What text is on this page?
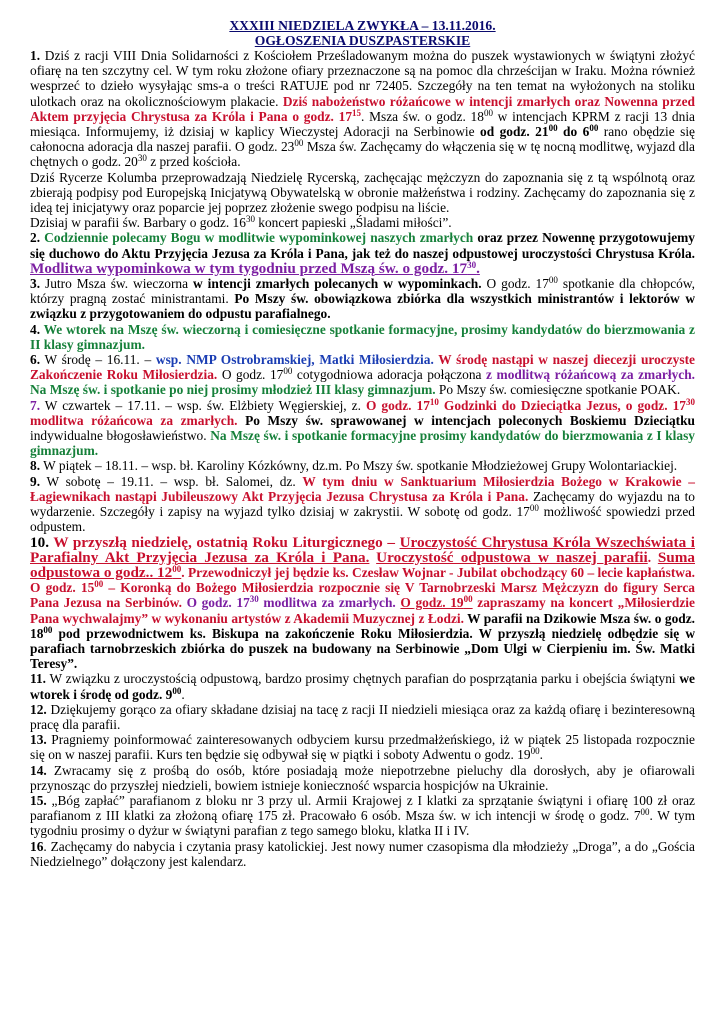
XXXIII NIEDZIELA ZWYKŁA – 13.11.2016.
OGŁOSZENIA DUSZPASTERSKIE

1. Dziś z racji VIII Dnia Solidarności z Kościołem Prześladowanym można do puszek wystawionych w świątyni złożyć ofiarę na ten szczytny cel. W tym roku złożone ofiary przeznaczone są na pomoc dla chrześcijan w Iraku. Można również wesprzeć to dzieło wysyłając sms-a o treści RATUJE pod nr 72405. Szczegóły na ten temat na wyłożonych na stoliku ulotkach oraz na okolicznościowym plakacie. Dziś nabożeństwo różańcowe w intencji zmarłych oraz Nowenna przed Aktem przyjęcia Chrystusa za Króla i Pana o godz. $17^{15}$. Msza św. o godz. $18^{00}$ w intencjach KPRM z racji 13 dnia miesiąca. Informujemy, iż dzisiaj w kaplicy Wieczystej Adoracji na Serbinowie od godz. $21^{00}$ do $6^{00}$ rano obędzie się całonocna adoracja dla naszej parafii. O godz. $23^{00}$ Msza św. Zachęcamy do włączenia się w tę nocną modlitwę, wyjazd dla chętnych o godz. $20^{30}$ z przed kościoła.

Dziś Rycerze Kolumba przeprowadzają Niedzielę Rycerską, zachęcając mężczyzn do zapoznania się z tą wspólnotą oraz zbierają podpisy pod Europejską Inicjatywą Obywatelską w obronie małżeństwa i rodziny. Zachęcamy do zapoznania się z ideą tej inicjatywy oraz poparcie jej poprzez złożenie swego podpisu na liście.

Dzisiaj w parafii św. Barbary o godz. $16^{30}$ koncert papieski „Śladami miłości”.

2. Codziennie polecamy Bogu w modlitwie wypominkowej naszych zmarłych oraz przez Nowennę przygotowujemy się duchowo do Aktu Przyjęcia Jezusa za Króla i Pana, jak też do naszej odpustowej uroczystości Chrystusa Króla. Modlitwa wypominkowa w tym tygodniu przed Mszą św. o godz. $17^{30}$.

3. Jutro Msza św. wieczorna w intencji zmarłych polecanych w wypominkach. O godz. $17^{00}$ spotkanie dla chłopców, którzy pragną zostać ministrantami. Po Mszy św. obowiązkowa zbiórka dla wszystkich ministrantów i lektorów w związku z przygotowaniem do odpustu parafialnego.

4. We wtorek na Mszę św. wieczorną i comiesięczne spotkanie formacyjne, prosimy kandydatów do bierzmowania z II klasy gimnazjum.

6. W środę – 16.11. – wsp. NMP Ostrobramskiej, Matki Miłosierdzia. W środę nastąpi w naszej diecezji uroczyste Zakończenie Roku Miłosierdzia. O godz. $17^{00}$ cotygodniowa adoracja połączona z modlitwą różańcową za zmarłych. Na Mszę św. i spotkanie po niej prosimy młodzież III klasy gimnazjum. Po Mszy św. comiesięczne spotkanie POAK.

7. W czwartek – 17.11. – wsp. św. Elżbiety Węgierskiej, z. O godz. $17^{10}$ Godzinki do Dzieciątka Jezus, o godz. $17^{30}$ modlitwa różańcowa za zmarłych. Po Mszy św. sprawowanej w intencjach poleconych Boskiemu Dzieciątku indywidualne błogosławieństwo. Na Mszę św. i spotkanie formacyjne prosimy kandydatów do bierzmowania z I klasy gimnazjum.

8. W piątek – 18.11. – wsp. bł. Karoliny Kózkówny, dz.m. Po Mszy św. spotkanie Młodzieżowej Grupy Wolontariackiej.

9. W sobotę – 19.11. – wsp. bł. Salomei, dz. W tym dniu w Sanktuarium Miłosierdzia Bożego w Krakowie – Łagiewnikach nastąpi Jubileuszowy Akt Przyjęcia Jezusa Chrystusa za Króla i Pana. Zachęcamy do wyjazdu na to wydarzenie. Szczegóły i zapisy na wyjazd tylko dzisiaj w zakrystii. W sobotę od godz. $17^{00}$ możliwość spowiedzi przed odpustem.

10. W przyszłą niedzielę, ostatnią Roku Liturgicznego – Uroczystość Chrystusa Króla Wszechświata i Parafialny Akt Przyjęcia Jezusa za Króla i Pana. Uroczystość odpustowa w naszej parafii. Suma odpustowa o godz.. $12^{00}$. Przewodniczył jej będzie ks. Czesław Wojnar - Jubilat obchodzący 60 – lecie kapłaństwa. O godz. $15^{00}$ – Koronką do Bożego Miłosierdzia rozpocznie się V Tarnobrzeski Marsz Mężczyzn do figury Serca Pana Jezusa na Serbinów. O godz. $17^{30}$ modlitwa za zmarłych. O godz. $19^{00}$ zapraszamy na koncert „Miłosierdzie Pana wychwalajmy” w wykonaniu artystów z Akademii Muzycznej z Łodzi. W parafii na Dzikowie Msza św. o godz. $18^{00}$ pod przewodnictwem ks. Biskupa na zakończenie Roku Miłosierdzia. W przyszłą niedzielę odbędzie się w parafiach tarnobrzeskich zbiórka do puszek na budowany na Serbinowie „Dom Ulgi w Cierpieniu im. Św. Matki Teresy”.

11. W związku z uroczystością odpustową, bardzo prosimy chętnych parafian do posprzątania parku i obejścia świątyni we wtorek i środę od godz. $9^{00}$.

12. Dziękujemy gorąco za ofiary składane dzisiaj na tacę z racji II niedzieli miesiąca oraz za każdą ofiarę i bezinteresowną pracę dla parafii.

13. Pragniemy poinformować zainteresowanych odbyciem kursu przedmałżeńskiego, iż w piątek 25 listopada rozpocznie się on w naszej parafii. Kurs ten będzie się odbywał się w piątki i soboty Adwentu o godz. $19^{00}$.

14. Zwracamy się z prośbą do osób, które posiadają może niepotrzebne pieluchy dla dorosłych, aby je ofiarowali przynosząc do przyszłej niedzieli, bowiem istnieje konieczność wsparcia hospicjów na Ukrainie.

15. „Bóg zapłać” parafianom z bloku nr 3 przy ul. Armii Krajowej z I klatki za sprzątanie świątyni i ofiarę 100 zł oraz parafianom z III klatki za złożoną ofiarę 175 zł. Pracowało 6 osób. Msza św. w ich intencji w środę o godz. $7^{00}$. W tym tygodniu prosimy o dyżur w świątyni parafian z tego samego bloku, klatka II i IV.

16. Zachęcamy do nabycia i czytania prasy katolickiej. Jest nowy numer czasopisma dla młodzieży „Droga”, a do „Gościa Niedzielnego” dołączony jest kalendarz.
